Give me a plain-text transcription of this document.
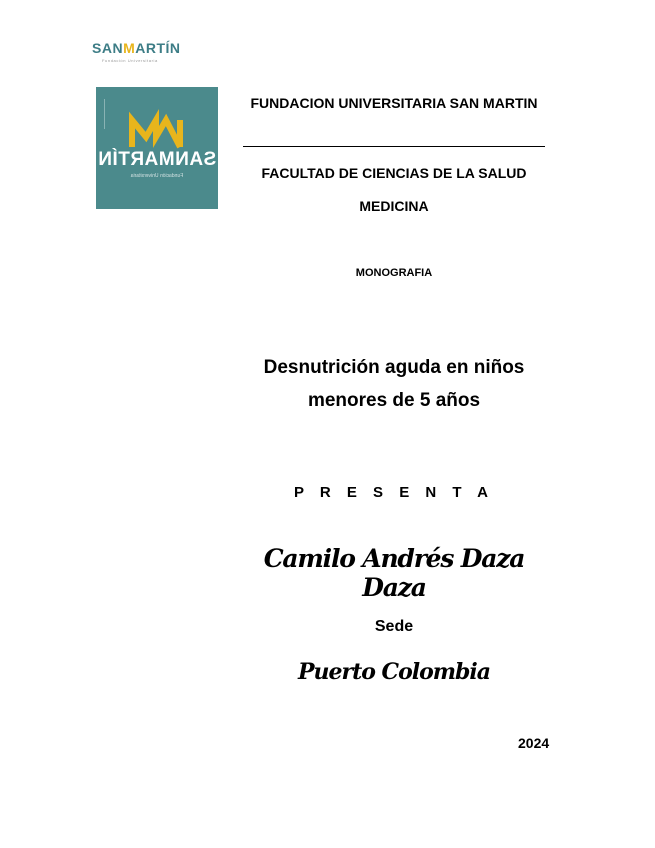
SANMARTÍN
Fundación Universitaria
SANMARTÍN
Fundación Universitaria
FUNDACION UNIVERSITARIA SAN MARTIN
FACULTAD DE CIENCIAS DE LA SALUD
MEDICINA
MONOGRAFIA
Desnutrición aguda en niños
menores de 5 años
P R E S E N T A
Camilo Andrés Daza Daza
Sede
Puerto Colombia
2024
